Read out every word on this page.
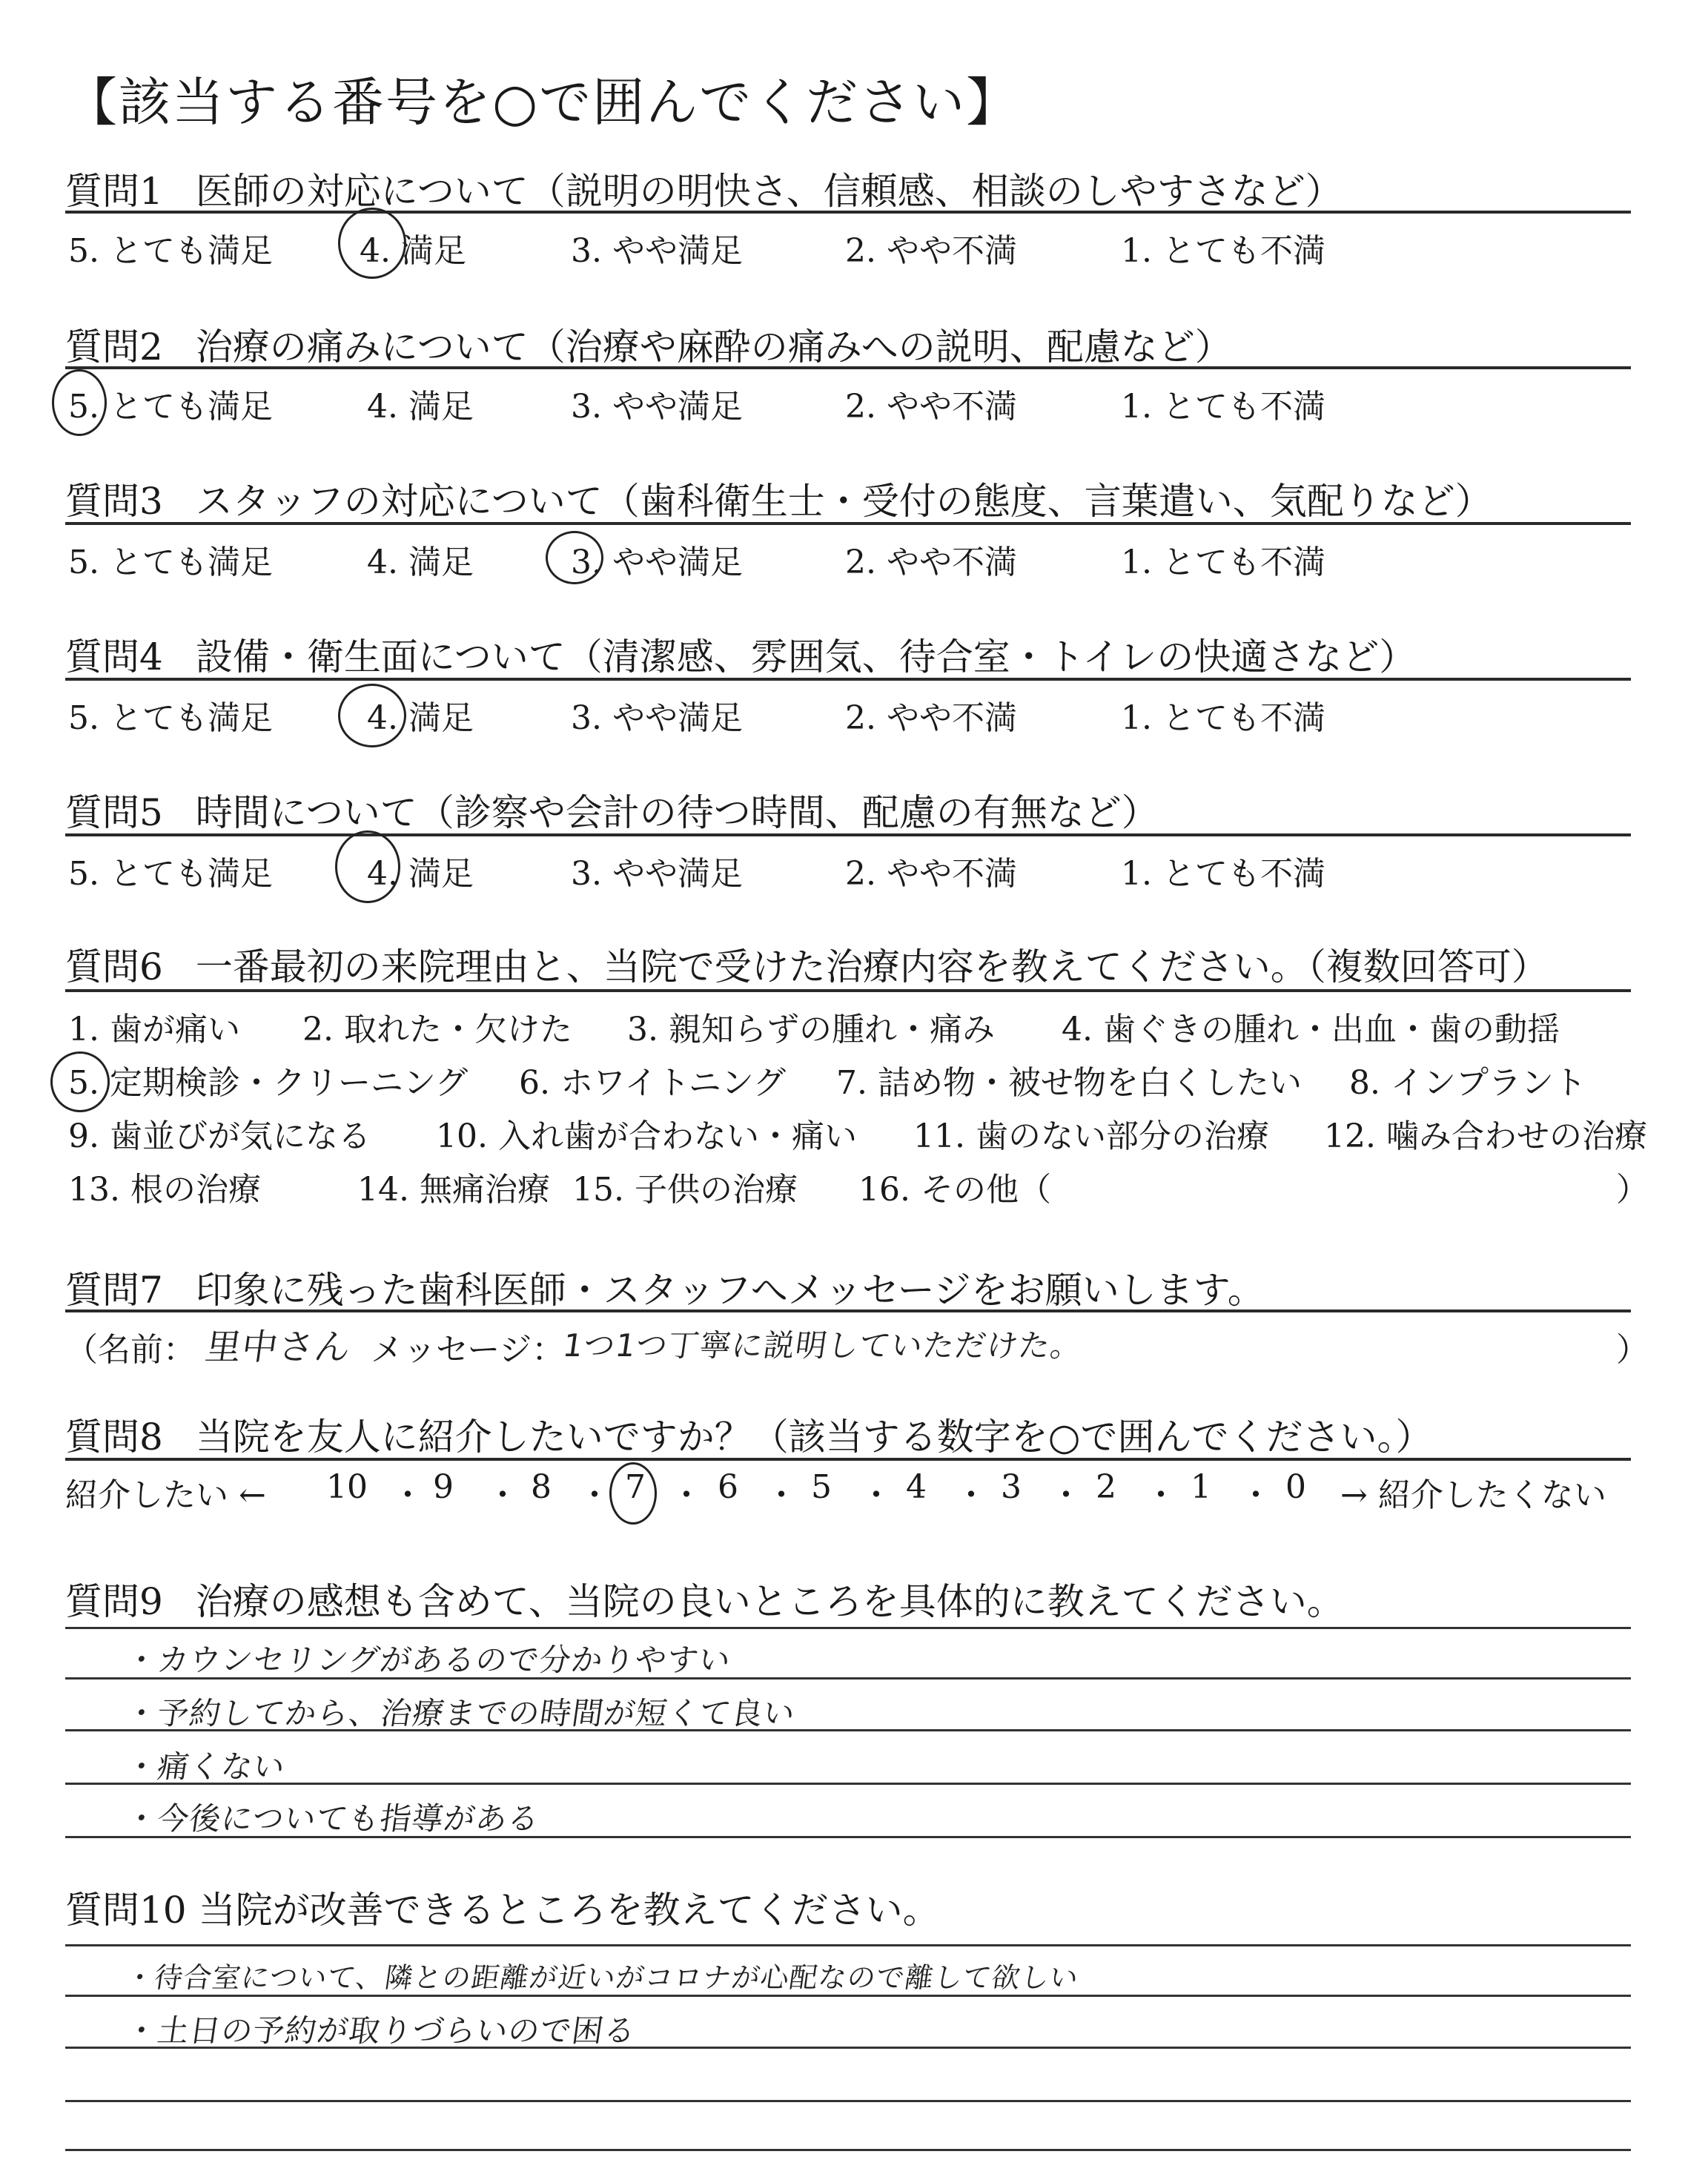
【該当する番号を○で囲んでください】
質問1 医師の対応について（説明の明快さ、信頼感、相談のしやすさなど）
5. とても満足	4. 満足	3. やや満足	2. やや不満	1. とても不満
質問2 治療の痛みについて（治療や麻酔の痛みへの説明、配慮など）
5. とても満足	4. 満足	3. やや満足	2. やや不満	1. とても不満
質問3 スタッフの対応について（歯科衛生士・受付の態度、言葉遣い、気配りなど）
5. とても満足	4. 満足	3. やや満足	2. やや不満	1. とても不満
質問4 設備・衛生面について（清潔感、雰囲気、待合室・トイレの快適さなど）
5. とても満足	4. 満足	3. やや満足	2. やや不満	1. とても不満
質問5 時間について（診察や会計の待つ時間、配慮の有無など）
5. とても満足	4. 満足	3. やや満足	2. やや不満	1. とても不満
質問6 一番最初の来院理由と、当院で受けた治療内容を教えてください。（複数回答可）
1. 歯が痛い 2. 取れた・欠けた 3. 親知らずの腫れ・痛み 4. 歯ぐきの腫れ・出血・歯の動揺
5. 定期検診・クリーニング 6. ホワイトニング 7. 詰め物・被せ物を白くしたい 8. インプラント
9. 歯並びが気になる 10. 入れ歯が合わない・痛い 11. 歯のない部分の治療 12. 噛み合わせの治療
13. 根の治療	14. 無痛治療 15. 子供の治療 16. その他（	）
質問7 印象に残った歯科医師・スタッフへメッセージをお願いします。
（名前： 里中さん メッセージ：
1つ1つ丁寧に説明していただけた。	）
質問8 当院を友人に紹介したいですか？（該当する数字を○で囲んでください。）
紹介したい ← 10 ・ 9 ・ 8 ・ 7 ・ 6 ・ 5 ・ 4 ・ 3 ・ 2 ・ 1 ・ 0 → 紹介したくない
質問9 治療の感想も含めて、当院の良いところを具体的に教えてください。
・カウンセリングがあるので分かりやすい
・予約してから、治療までの時間が短くて良い
・痛くない
・今後についても指導がある
質問10 当院が改善できるところを教えてください。
・待合室について、隣との距離が近いがコロナが心配なので離して欲しい
・土日の予約が取りづらいので困る
